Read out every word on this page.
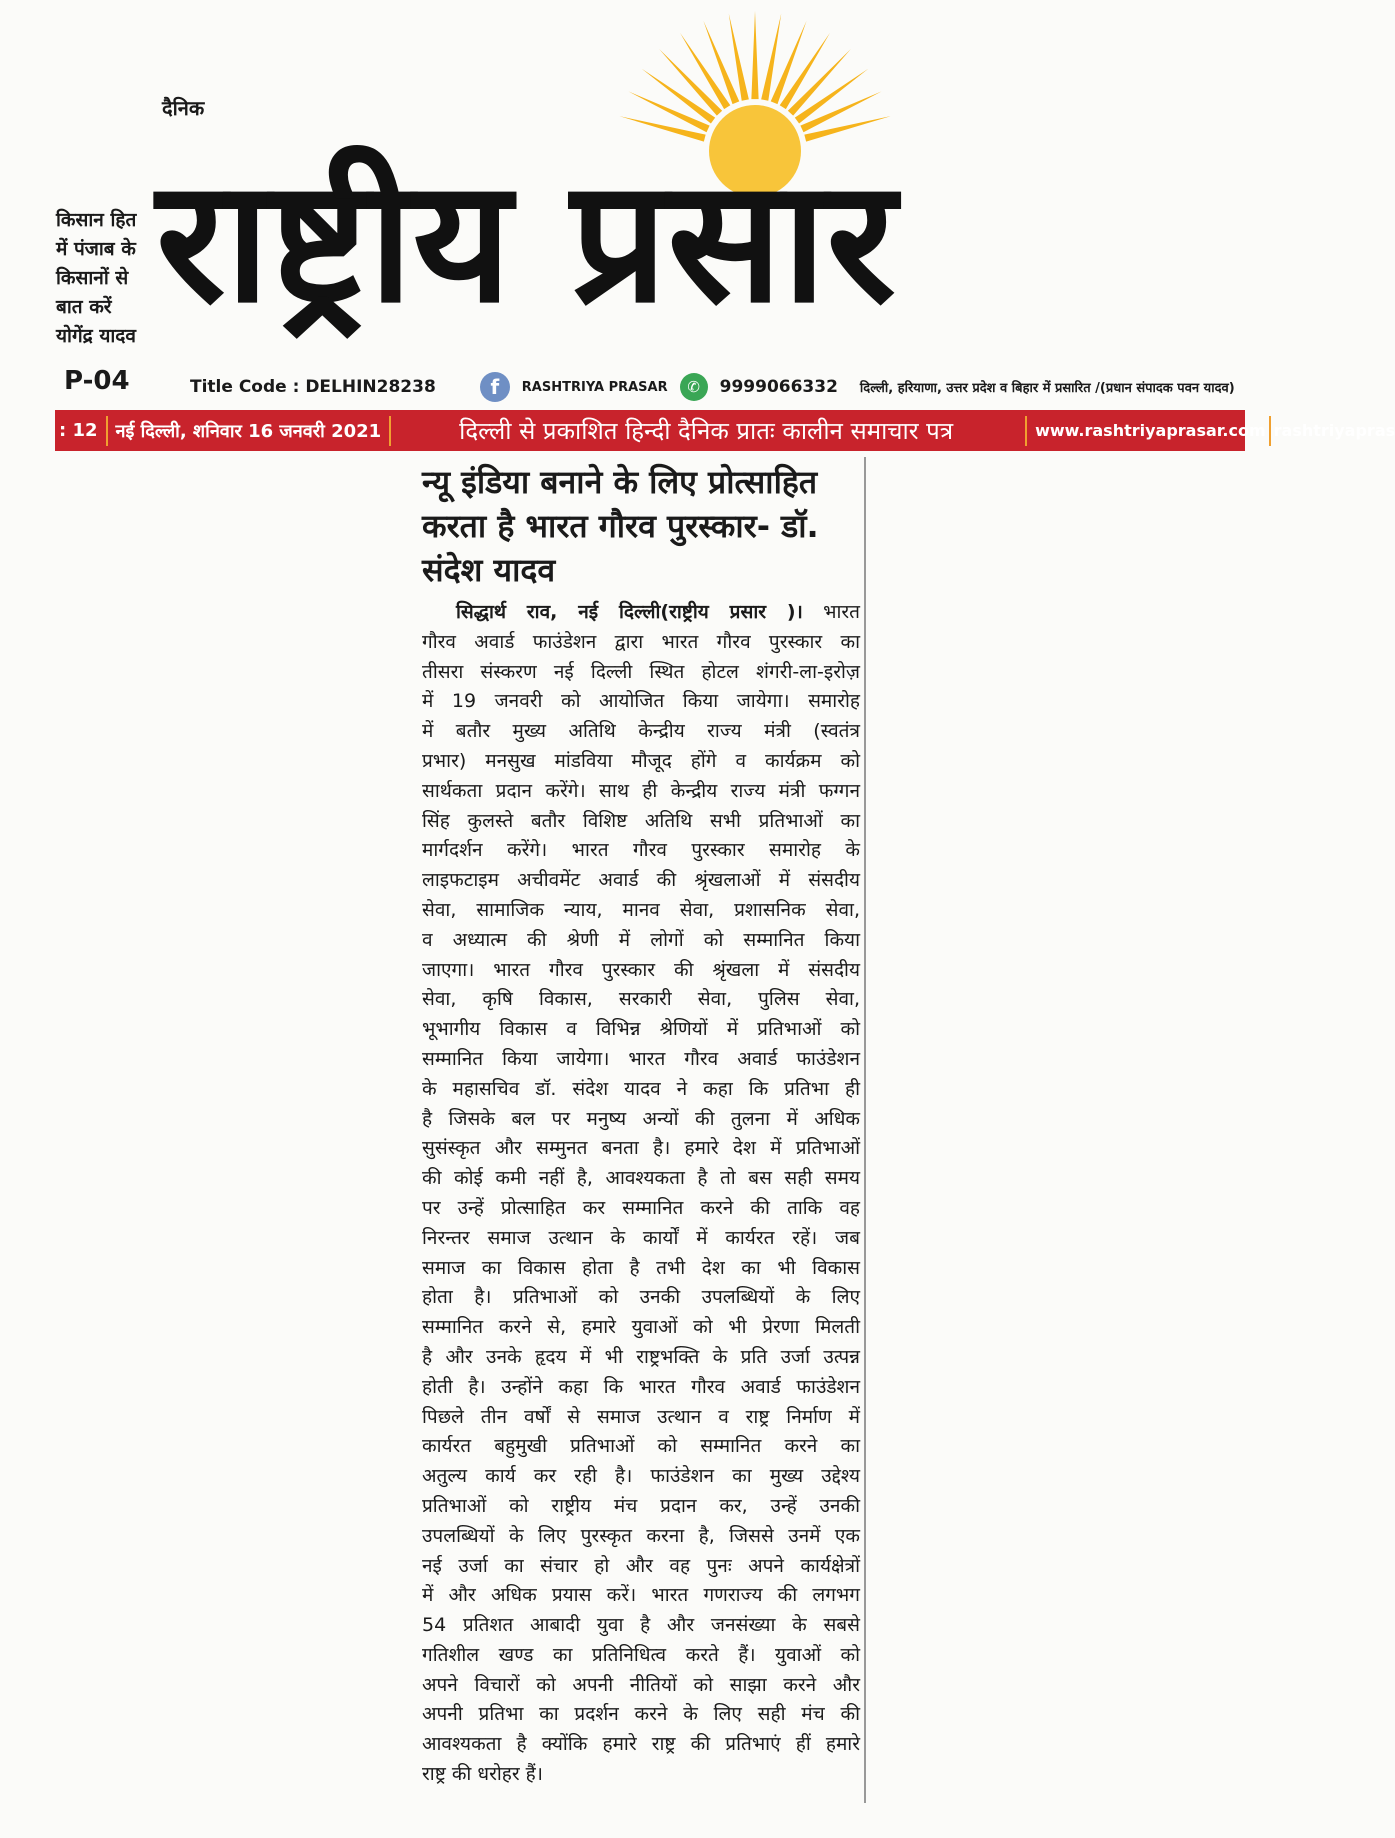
दैनिक
राष्ट्रीय प्रसार
किसान हित में पंजाब के किसानों से बात करें योगेंद्र यादव
P-04	Title Code : DELHIN28238	f	RASHTRIYA PRASAR	✆	9999066332 दिल्ली, हरियाणा, उत्तर प्रदेश व बिहार में प्रसारित /(प्रधान संपादक पवन यादव)
: 12 नई दिल्ली, शनिवार 16 जनवरी 2021	दिल्ली से प्रकाशित हिन्दी दैनिक प्रातः कालीन समाचार पत्र	www.rashtriyaprasar.com rashtriyapras
न्यू इंडिया बनाने के लिए प्रोत्साहित करता है भारत गौरव पुरस्कार- डॉ. संदेश यादव
सिद्धार्थ राव, नई दिल्ली(राष्ट्रीय प्रसार )। भारत
गौरव अवार्ड फाउंडेशन द्वारा भारत गौरव पुरस्कार का
तीसरा संस्करण नई दिल्ली स्थित होटल शंगरी-ला-इरोज़
में 19 जनवरी को आयोजित किया जायेगा। समारोह
में बतौर मुख्य अतिथि केन्द्रीय राज्य मंत्री (स्वतंत्र
प्रभार) मनसुख मांडविया मौजूद होंगे व कार्यक्रम को
सार्थकता प्रदान करेंगे। साथ ही केन्द्रीय राज्य मंत्री फग्गन
सिंह कुलस्ते बतौर विशिष्ट अतिथि सभी प्रतिभाओं का
मार्गदर्शन करेंगे। भारत गौरव पुरस्कार समारोह के
लाइफटाइम अचीवमेंट अवार्ड की श्रृंखलाओं में संसदीय
सेवा, सामाजिक न्याय, मानव सेवा, प्रशासनिक सेवा,
व अध्यात्म की श्रेणी में लोगों को सम्मानित किया
जाएगा। भारत गौरव पुरस्कार की श्रृंखला में संसदीय
सेवा, कृषि विकास, सरकारी सेवा, पुलिस सेवा,
भूभागीय विकास व विभिन्न श्रेणियों में प्रतिभाओं को
सम्मानित किया जायेगा। भारत गौरव अवार्ड फाउंडेशन
के महासचिव डॉ. संदेश यादव ने कहा कि प्रतिभा ही
है जिसके बल पर मनुष्य अन्यों की तुलना में अधिक
सुसंस्कृत और सम्मुनत बनता है। हमारे देश में प्रतिभाओं
की कोई कमी नहीं है, आवश्यकता है तो बस सही समय
पर उन्हें प्रोत्साहित कर सम्मानित करने की ताकि वह
निरन्तर समाज उत्थान के कार्यों में कार्यरत रहें। जब
समाज का विकास होता है तभी देश का भी विकास
होता है। प्रतिभाओं को उनकी उपलब्धियों के लिए
सम्मानित करने से, हमारे युवाओं को भी प्रेरणा मिलती
है और उनके हृदय में भी राष्ट्रभक्ति के प्रति उर्जा उत्पन्न
होती है। उन्होंने कहा कि भारत गौरव अवार्ड फाउंडेशन
पिछले तीन वर्षों से समाज उत्थान व राष्ट्र निर्माण में
कार्यरत बहुमुखी प्रतिभाओं को सम्मानित करने का
अतुल्य कार्य कर रही है। फाउंडेशन का मुख्य उद्देश्य
प्रतिभाओं को राष्ट्रीय मंच प्रदान कर, उन्हें उनकी
उपलब्धियों के लिए पुरस्कृत करना है, जिससे उनमें एक
नई उर्जा का संचार हो और वह पुनः अपने कार्यक्षेत्रों
में और अधिक प्रयास करें। भारत गणराज्य की लगभग
54 प्रतिशत आबादी युवा है और जनसंख्या के सबसे
गतिशील खण्ड का प्रतिनिधित्व करते हैं। युवाओं को
अपने विचारों को अपनी नीतियों को साझा करने और
अपनी प्रतिभा का प्रदर्शन करने के लिए सही मंच की
आवश्यकता है क्योंकि हमारे राष्ट्र की प्रतिभाएं हीं हमारे
राष्ट्र की धरोहर हैं।
